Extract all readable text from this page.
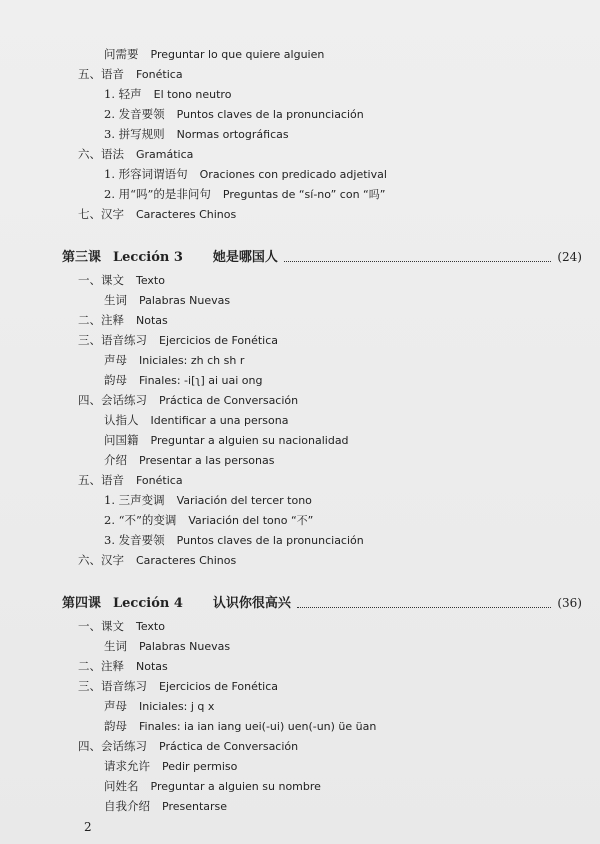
问需要 Preguntar lo que quiere alguien
五、语音 Fonética
1. 轻声 El tono neutro
2. 发音要领 Puntos claves de la pronunciación
3. 拼写规则 Normas ortográficas
六、语法 Gramática
1. 形容词谓语句 Oraciones con predicado adjetival
2. 用“吗”的是非问句 Preguntas de “sí-no” con “吗”
七、汉字 Caracteres Chinos
第三课 Lección 3 她是哪国人	(24)
一、课文 Texto
生词 Palabras Nuevas
二、注释 Notas
三、语音练习 Ejercicios de Fonética
声母 Iniciales: zh ch sh r
韵母 Finales: -i[ʅ] ai uai ong
四、会话练习 Práctica de Conversación
认指人 Identificar a una persona
问国籍 Preguntar a alguien su nacionalidad
介绍 Presentar a las personas
五、语音 Fonética
1. 三声变调 Variación del tercer tono
2. “不”的变调 Variación del tono “不”
3. 发音要领 Puntos claves de la pronunciación
六、汉字 Caracteres Chinos
第四课 Lección 4 认识你很高兴	(36)
一、课文 Texto
生词 Palabras Nuevas
二、注释 Notas
三、语音练习 Ejercicios de Fonética
声母 Iniciales: j q x
韵母 Finales: ia ian iang uei(-ui) uen(-un) üe üan
四、会话练习 Práctica de Conversación
请求允许 Pedir permiso
问姓名 Preguntar a alguien su nombre
自我介绍 Presentarse
2
